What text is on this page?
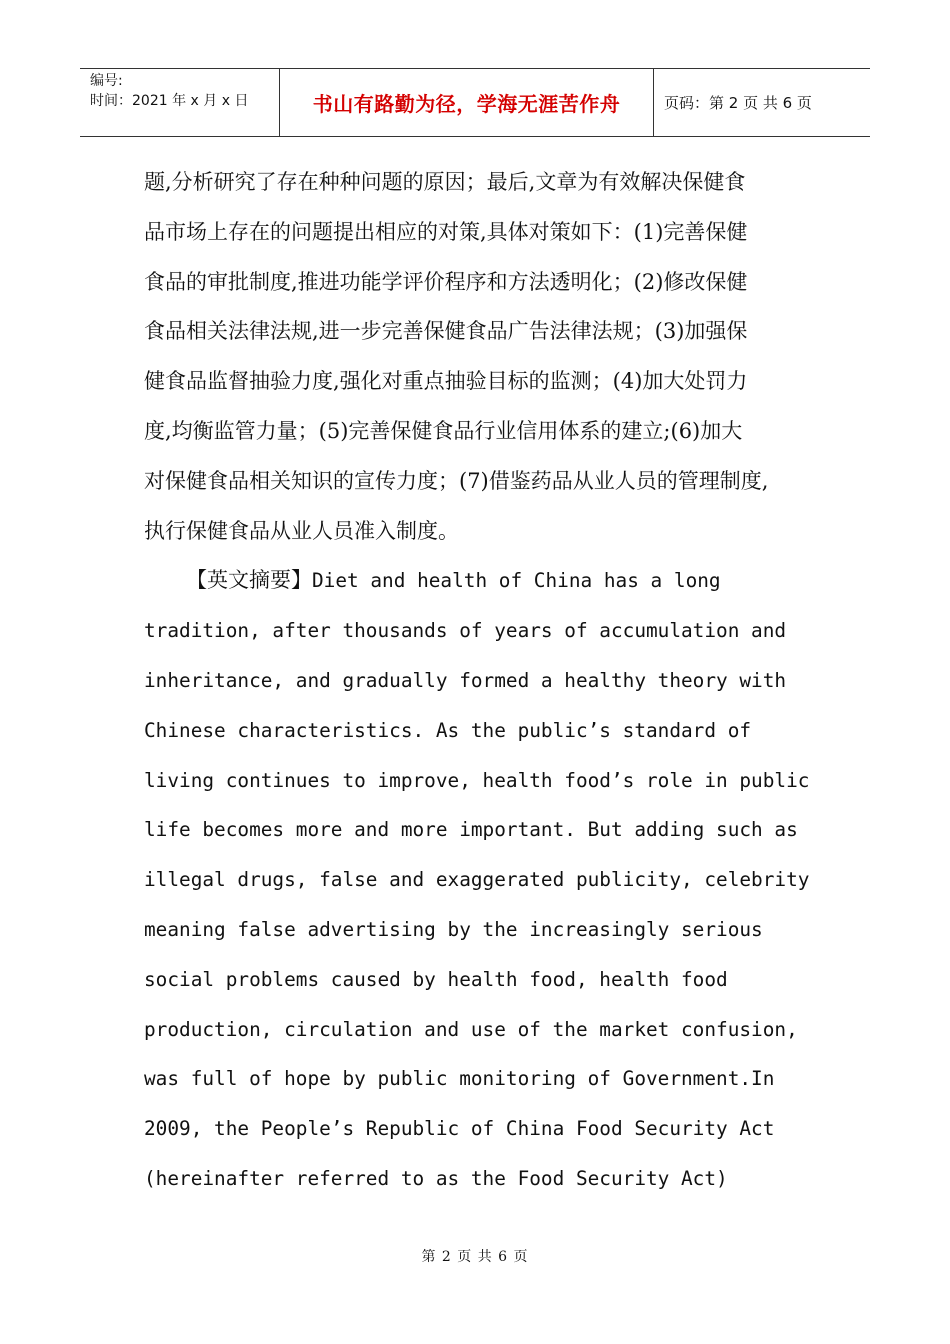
编号:
时间：2021 年 x 月 x 日	书山有路勤为径，学海无涯苦作舟	页码：第 2 页 共 6 页
题,分析研究了存在种种问题的原因；最后,文章为有效解决保健食
品市场上存在的问题提出相应的对策,具体对策如下：(1)完善保健
食品的审批制度,推进功能学评价程序和方法透明化；(2)修改保健
食品相关法律法规,进一步完善保健食品广告法律法规；(3)加强保
健食品监督抽验力度,强化对重点抽验目标的监测；(4)加大处罚力
度,均衡监管力量；(5)完善保健食品行业信用体系的建立;(6)加大
对保健食品相关知识的宣传力度；(7)借鉴药品从业人员的管理制度,
执行保健食品从业人员准入制度。
【英文摘要】Diet and health of China has a long
tradition, after thousands of years of accumulation and
inheritance, and gradually formed a healthy theory with
Chinese characteristics. As the public’s standard of
living continues to improve, health food’s role in public
life becomes more and more important. But adding such as
illegal drugs, false and exaggerated publicity, celebrity
meaning false advertising by the increasingly serious
social problems caused by health food, health food
production, circulation and use of the market confusion,
was full of hope by public monitoring of Government.In
2009, the People’s Republic of China Food Security Act
(hereinafter referred to as the Food Security Act)
第 2 页 共 6 页
